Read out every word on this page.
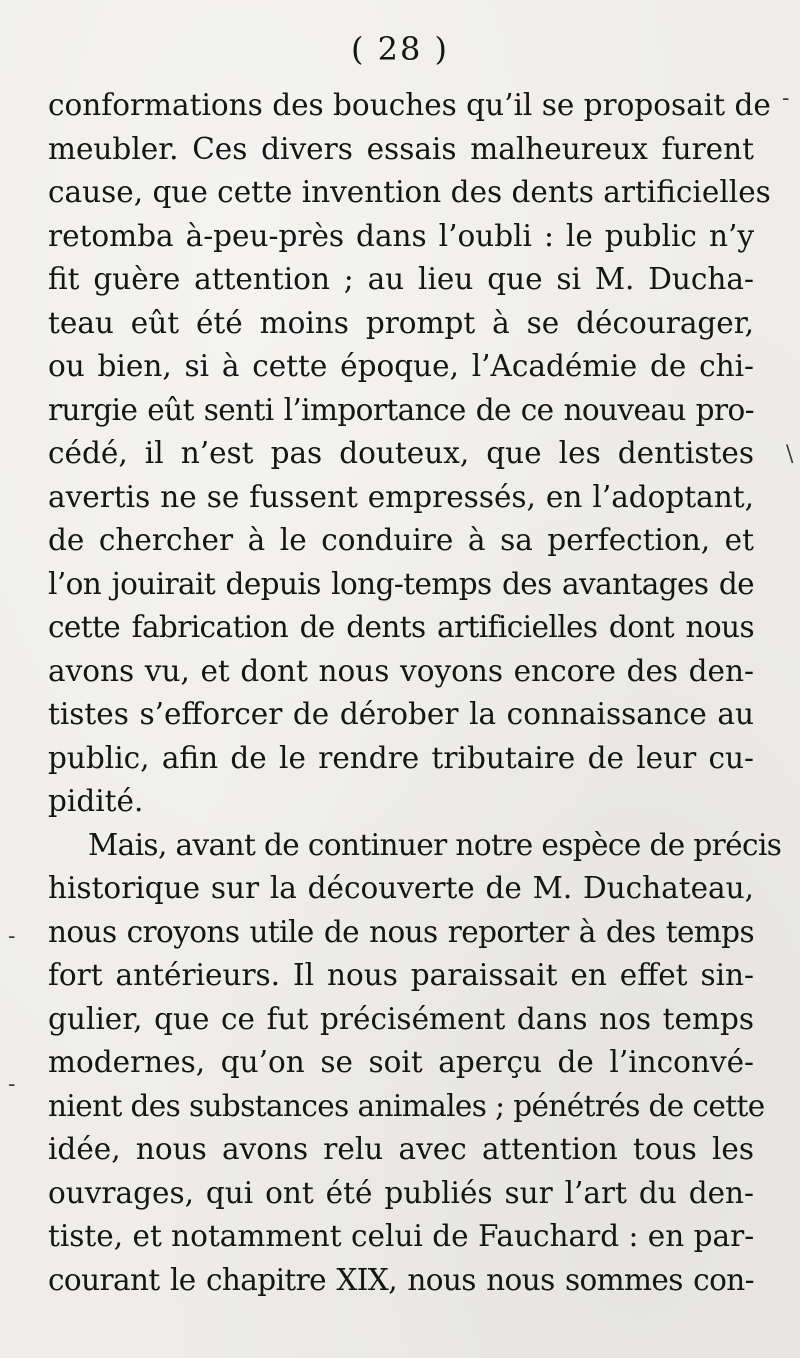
( 28 )
conformations des bouches qu’il se proposait de
meubler. Ces divers essais malheureux furent
cause, que cette invention des dents artificielles
retomba à-peu-près dans l’oubli : le public n’y
fit guère attention ; au lieu que si M. Ducha-
teau eût été moins prompt à se décourager,
ou bien, si à cette époque, l’Académie de chi-
rurgie eût senti l’importance de ce nouveau pro-
cédé, il n’est pas douteux, que les dentistes
avertis ne se fussent empressés, en l’adoptant,
de chercher à le conduire à sa perfection, et
l’on jouirait depuis long-temps des avantages de
cette fabrication de dents artificielles dont nous
avons vu, et dont nous voyons encore des den-
tistes s’efforcer de dérober la connaissance au
public, afin de le rendre tributaire de leur cu-
pidité.
Mais, avant de continuer notre espèce de précis
historique sur la découverte de M. Duchateau,
nous croyons utile de nous reporter à des temps
fort antérieurs. Il nous paraissait en effet sin-
gulier, que ce fut précisément dans nos temps
modernes, qu’on se soit aperçu de l’inconvé-
nient des substances animales ; pénétrés de cette
idée, nous avons relu avec attention tous les
ouvrages, qui ont été publiés sur l’art du den-
tiste, et notamment celui de Fauchard : en par-
courant le chapitre XIX, nous nous sommes con-
-
\
-
-
